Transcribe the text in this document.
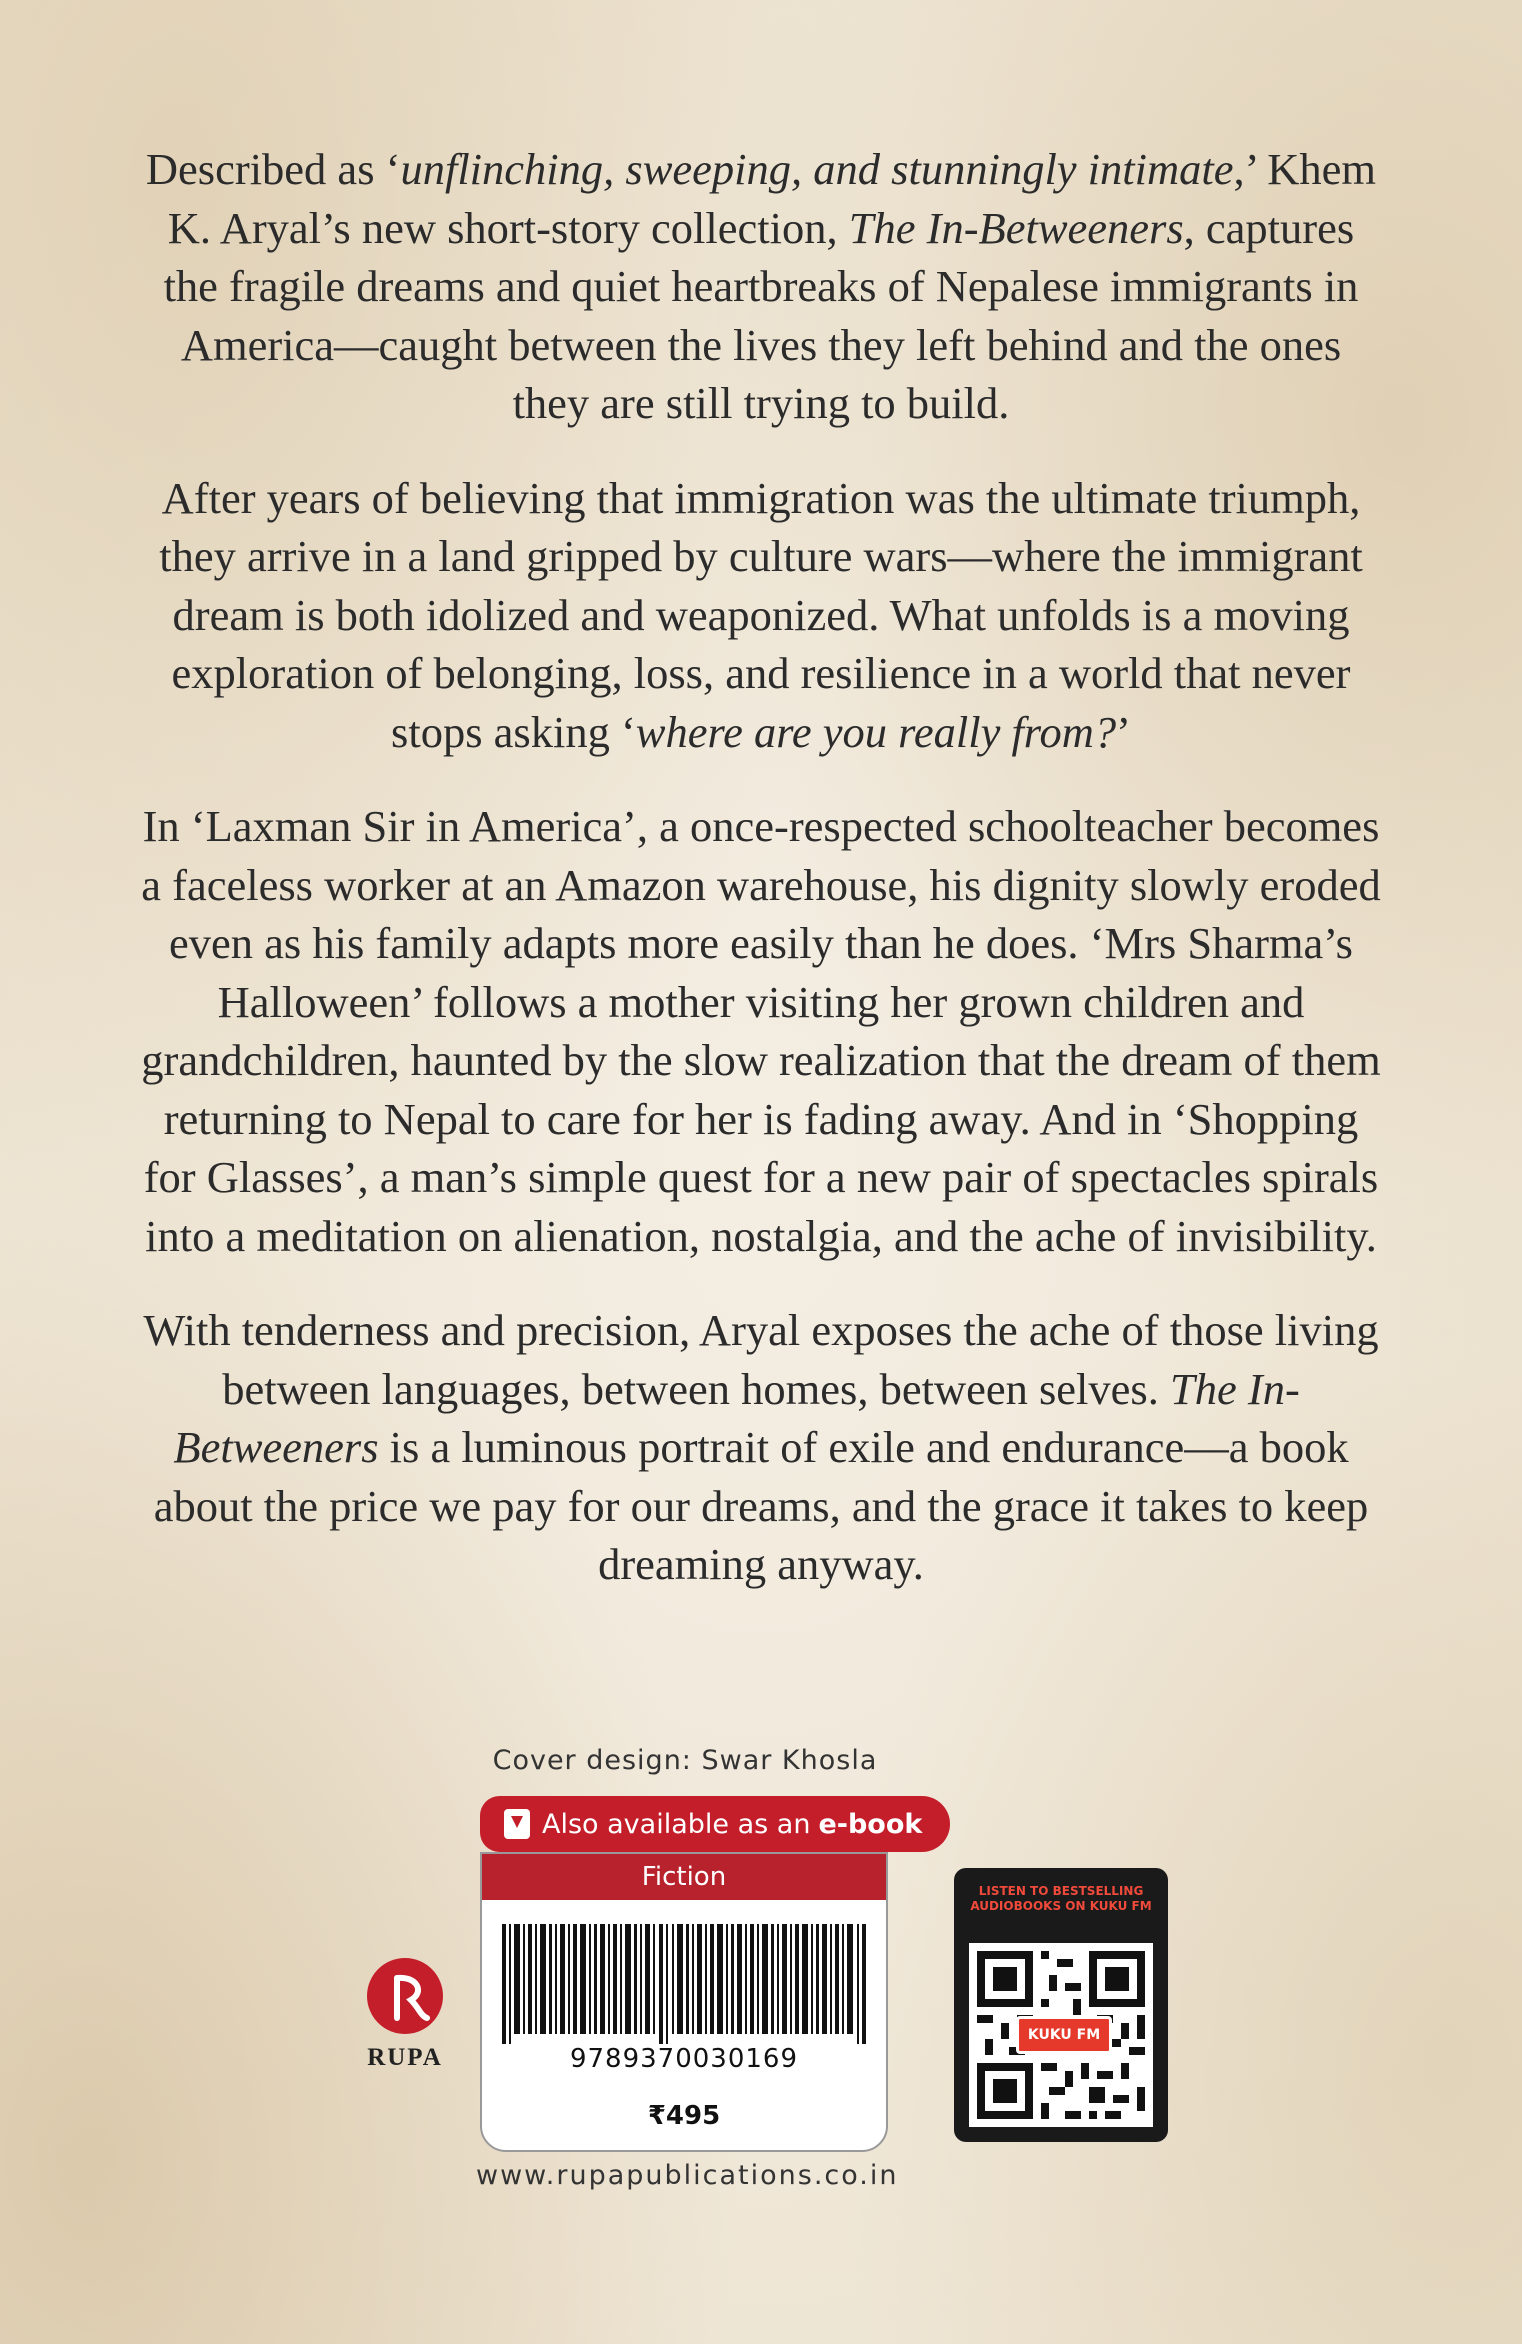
Described as ‘unflinching, sweeping, and stunningly intimate,’ Khem K. Aryal’s new short-story collection, The In-Betweeners, captures the fragile dreams and quiet heartbreaks of Nepalese immigrants in America—caught between the lives they left behind and the ones they are still trying to build.

After years of believing that immigration was the ultimate triumph, they arrive in a land gripped by culture wars—where the immigrant dream is both idolized and weaponized. What unfolds is a moving exploration of belonging, loss, and resilience in a world that never stops asking ‘where are you really from?’

In ‘Laxman Sir in America’, a once-respected schoolteacher becomes a faceless worker at an Amazon warehouse, his dignity slowly eroded even as his family adapts more easily than he does. ‘Mrs Sharma’s Halloween’ follows a mother visiting her grown children and grandchildren, haunted by the slow realization that the dream of them returning to Nepal to care for her is fading away. And in ‘Shopping for Glasses’, a man’s simple quest for a new pair of spectacles spirals into a meditation on alienation, nostalgia, and the ache of invisibility.

With tenderness and precision, Aryal exposes the ache of those living between languages, between homes, between selves. The In-Betweeners is a luminous portrait of exile and endurance—a book about the price we pay for our dreams, and the grace it takes to keep dreaming anyway.

Cover design: Swar Khosla
Also available as an e-book
Fiction
9789370030169
₹495
www.rupapublications.co.in
RUPA
LISTEN TO BESTSELLING AUDIOBOOKS ON KUKU FM
KUKU FM
